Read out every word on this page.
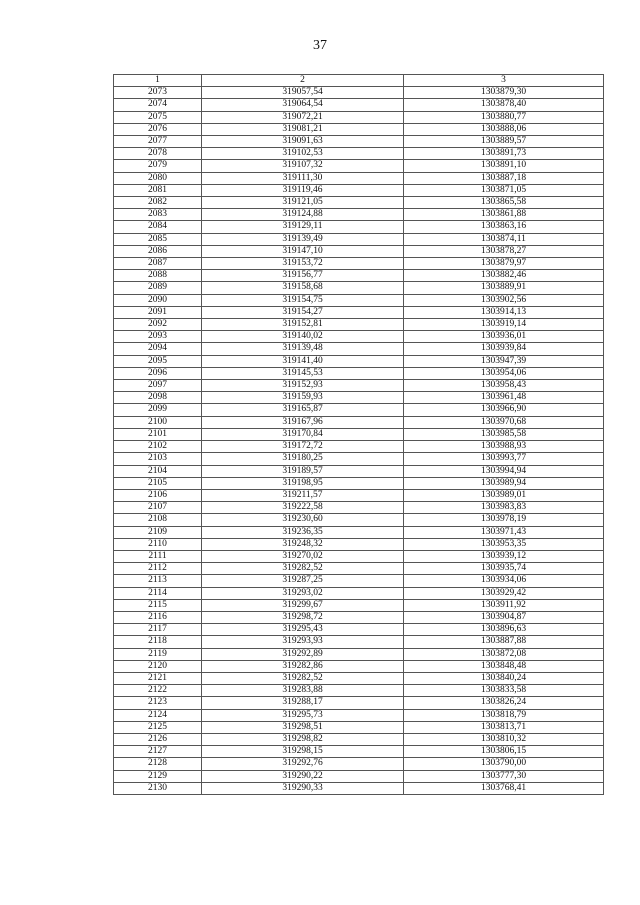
37
1	2	3
2073	319057,54	1303879,30
2074	319064,54	1303878,40
2075	319072,21	1303880,77
2076	319081,21	1303888,06
2077	319091,63	1303889,57
2078	319102,53	1303891,73
2079	319107,32	1303891,10
2080	319111,30	1303887,18
2081	319119,46	1303871,05
2082	319121,05	1303865,58
2083	319124,88	1303861,88
2084	319129,11	1303863,16
2085	319139,49	1303874,11
2086	319147,10	1303878,27
2087	319153,72	1303879,97
2088	319156,77	1303882,46
2089	319158,68	1303889,91
2090	319154,75	1303902,56
2091	319154,27	1303914,13
2092	319152,81	1303919,14
2093	319140,02	1303936,01
2094	319139,48	1303939,84
2095	319141,40	1303947,39
2096	319145,53	1303954,06
2097	319152,93	1303958,43
2098	319159,93	1303961,48
2099	319165,87	1303966,90
2100	319167,96	1303970,68
2101	319170,84	1303985,58
2102	319172,72	1303988,93
2103	319180,25	1303993,77
2104	319189,57	1303994,94
2105	319198,95	1303989,94
2106	319211,57	1303989,01
2107	319222,58	1303983,83
2108	319230,60	1303978,19
2109	319236,35	1303971,43
2110	319248,32	1303953,35
2111	319270,02	1303939,12
2112	319282,52	1303935,74
2113	319287,25	1303934,06
2114	319293,02	1303929,42
2115	319299,67	1303911,92
2116	319298,72	1303904,87
2117	319295,43	1303896,63
2118	319293,93	1303887,88
2119	319292,89	1303872,08
2120	319282,86	1303848,48
2121	319282,52	1303840,24
2122	319283,88	1303833,58
2123	319288,17	1303826,24
2124	319295,73	1303818,79
2125	319298,51	1303813,71
2126	319298,82	1303810,32
2127	319298,15	1303806,15
2128	319292,76	1303790,00
2129	319290,22	1303777,30
2130	319290,33	1303768,41
